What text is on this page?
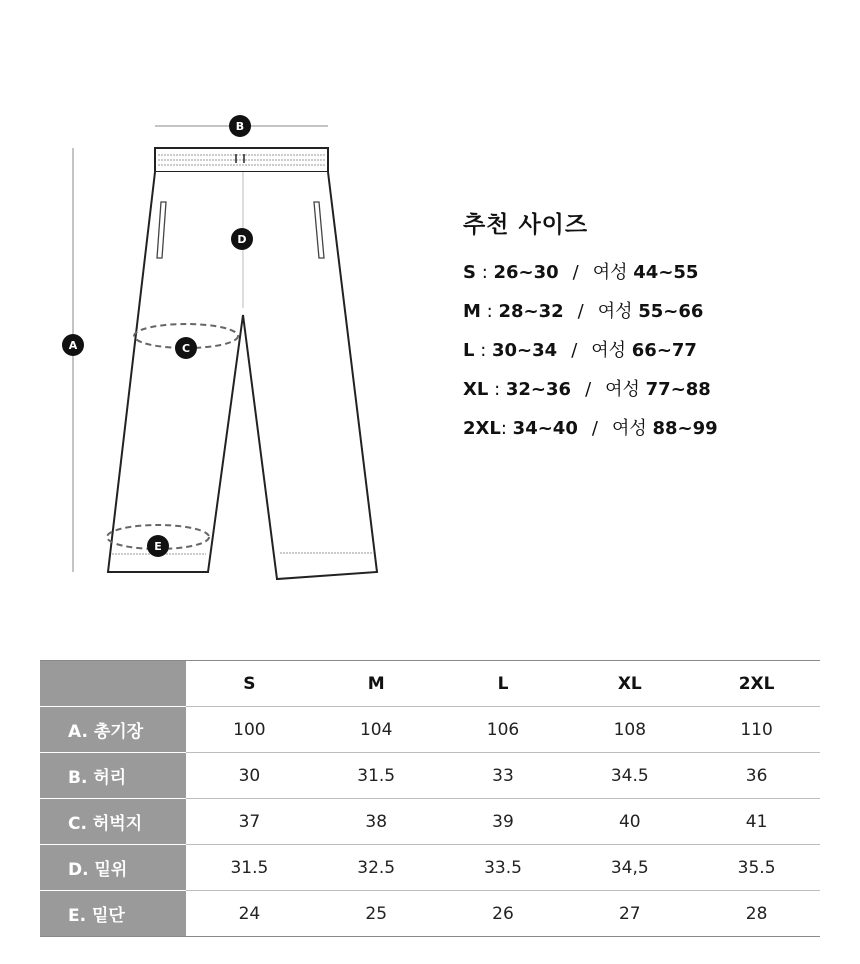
A
B
C
D
E
추천 사이즈
S : 26~30 / 여성 44~55
M : 28~32 / 여성 55~66
L : 30~34 / 여성 66~77
XL : 32~36 / 여성 77~88
2XL: 34~40 / 여성 88~99
	S	M	L	XL	2XL
A. 총기장	100	104	106	108	110
B. 허리	30	31.5	33	34.5	36
C. 허벅지	37	38	39	40	41
D. 밑위	31.5	32.5	33.5	34,5	35.5
E. 밑단	24	25	26	27	28
